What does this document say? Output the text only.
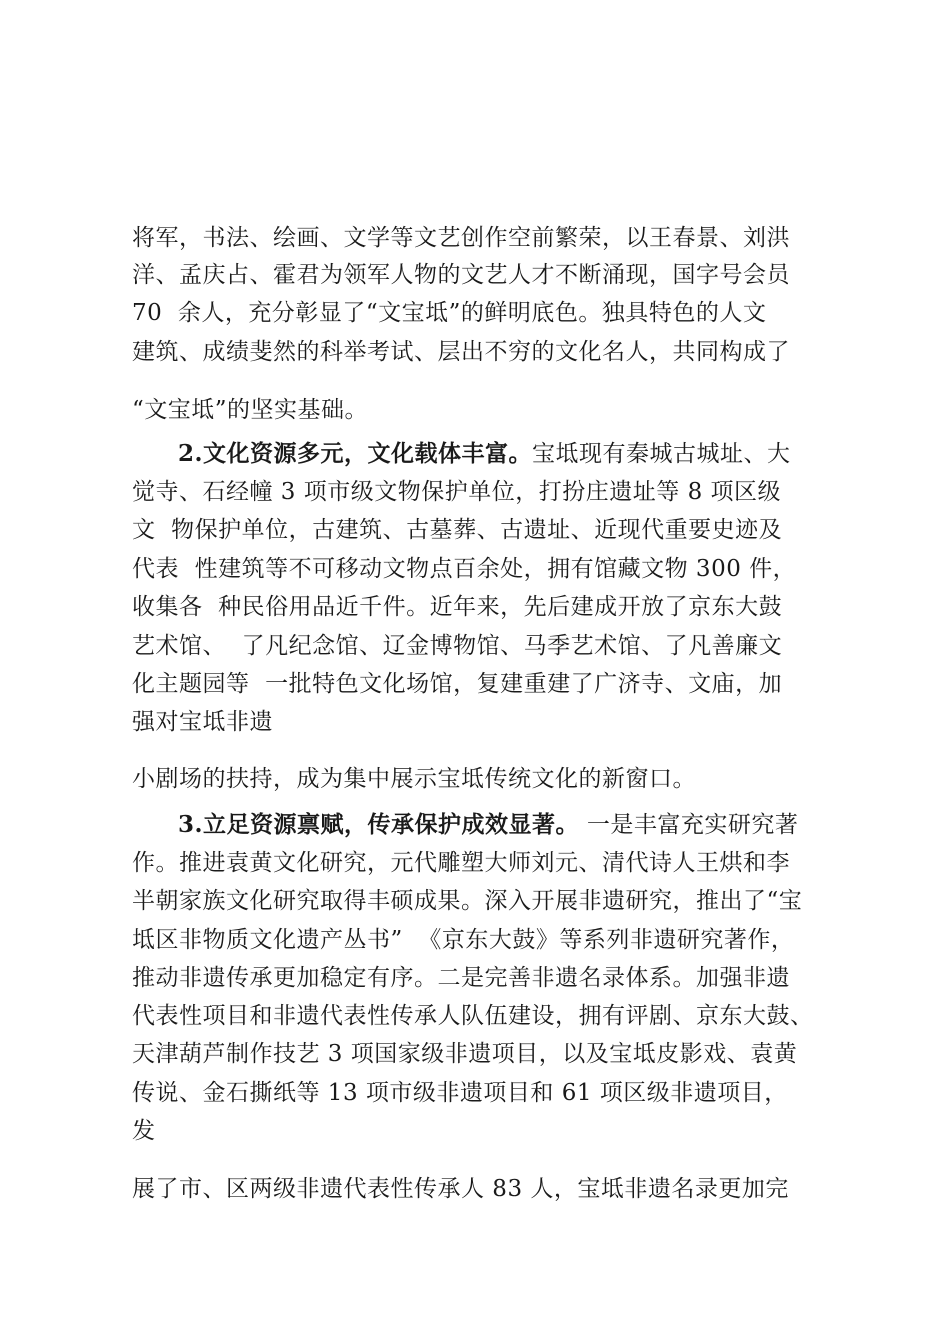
将军，书法、绘画、文学等文艺创作空前繁荣，以王春景、刘洪
洋、孟庆占、霍君为领军人物的文艺人才不断涌现，国字号会员
70  余人，充分彰显了“文宝坻”的鲜明底色。独具特色的人文
建筑、成绩斐然的科举考试、层出不穷的文化名人，共同构成了
“文宝坻”的坚实基础。
2.文化资源多元，文化载体丰富。宝坻现有秦城古城址、大
觉寺、石经幢 3 项市级文物保护单位，打扮庄遗址等 8 项区级
文  物保护单位，古建筑、古墓葬、古遗址、近现代重要史迹及
代表  性建筑等不可移动文物点百余处，拥有馆藏文物 300 件，
收集各  种民俗用品近千件。近年来，先后建成开放了京东大鼓
艺术馆、  了凡纪念馆、辽金博物馆、马季艺术馆、了凡善廉文
化主题园等  一批特色文化场馆，复建重建了广济寺、文庙，加
强对宝坻非遗
小剧场的扶持，成为集中展示宝坻传统文化的新窗口。
3.立足资源禀赋，传承保护成效显著。 一是丰富充实研究著
作。推进袁黄文化研究，元代雕塑大师刘元、清代诗人王烘和李
半朝家族文化研究取得丰硕成果。深入开展非遗研究，推出了“宝
坻区非物质文化遗产丛书”  《京东大鼓》等系列非遗研究著作，
推动非遗传承更加稳定有序。二是完善非遗名录体系。加强非遗
代表性项目和非遗代表性传承人队伍建设，拥有评剧、京东大鼓、
天津葫芦制作技艺 3 项国家级非遗项目，以及宝坻皮影戏、袁黄
传说、金石撕纸等 13 项市级非遗项目和 61 项区级非遗项目，
发
展了市、区两级非遗代表性传承人 83 人，宝坻非遗名录更加完
